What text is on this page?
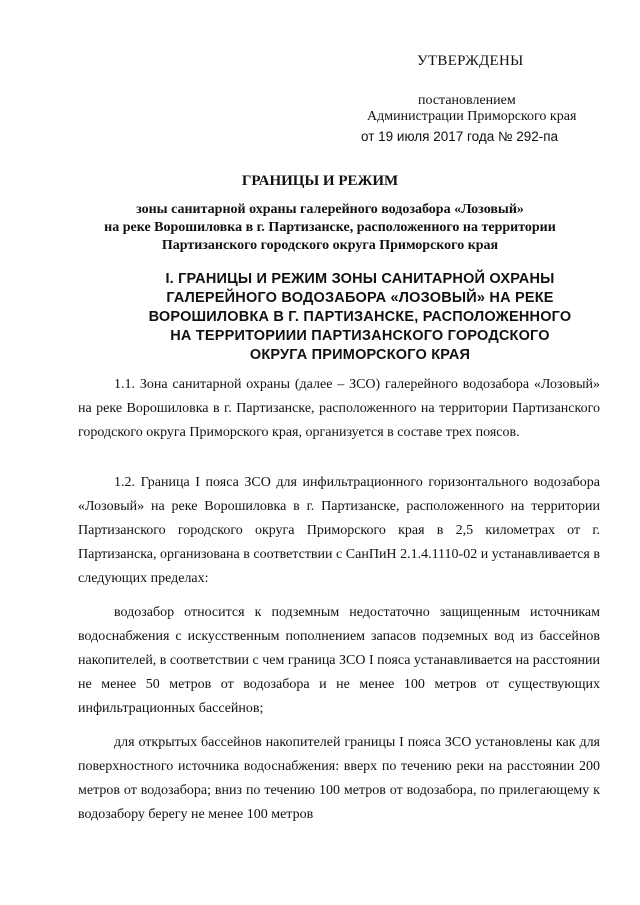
УТВЕРЖДЕНЫ
постановлением
Администрации Приморского края
от 19 июля 2017 года № 292-па
ГРАНИЦЫ И РЕЖИМ
зоны санитарной охраны галерейного водозабора «Лозовый»
на реке Ворошиловка в г. Партизанске, расположенного на территории
Партизанского городского округа Приморского края
I. ГРАНИЦЫ И РЕЖИМ ЗОНЫ САНИТАРНОЙ ОХРАНЫ
ГАЛЕРЕЙНОГО ВОДОЗАБОРА «ЛОЗОВЫЙ» НА РЕКЕ
ВОРОШИЛОВКА В Г. ПАРТИЗАНСКЕ, РАСПОЛОЖЕННОГО
НА ТЕРРИТОРИИИ ПАРТИЗАНСКОГО ГОРОДСКОГО
ОКРУГА ПРИМОРСКОГО КРАЯ
1.1. Зона санитарной охраны (далее – ЗСО) галерейного водозабора «Лозовый» на реке Ворошиловка в г. Партизанске, расположенного на территории Партизанского городского округа Приморского края, организуется в составе трех поясов.
1.2. Граница I пояса ЗСО для инфильтрационного горизонтального водозабора «Лозовый» на реке Ворошиловка в г. Партизанске, расположенного на территории Партизанского городского округа Приморского края в 2,5 километрах от г. Партизанска, организована в соответствии с СанПиН 2.1.4.1110-02 и устанавливается в следующих пределах:
водозабор относится к подземным недостаточно защищенным источникам водоснабжения с искусственным пополнением запасов подземных вод из бассейнов накопителей, в соответствии с чем граница ЗСО I пояса устанавливается на расстоянии не менее 50 метров от водозабора и не менее 100 метров от существующих инфильтрационных бассейнов;
для открытых бассейнов накопителей границы I пояса ЗСО установлены как для поверхностного источника водоснабжения: вверх по течению реки на расстоянии 200 метров от водозабора; вниз по течению 100 метров от водозабора, по прилегающему к водозабору берегу не менее 100 метров
